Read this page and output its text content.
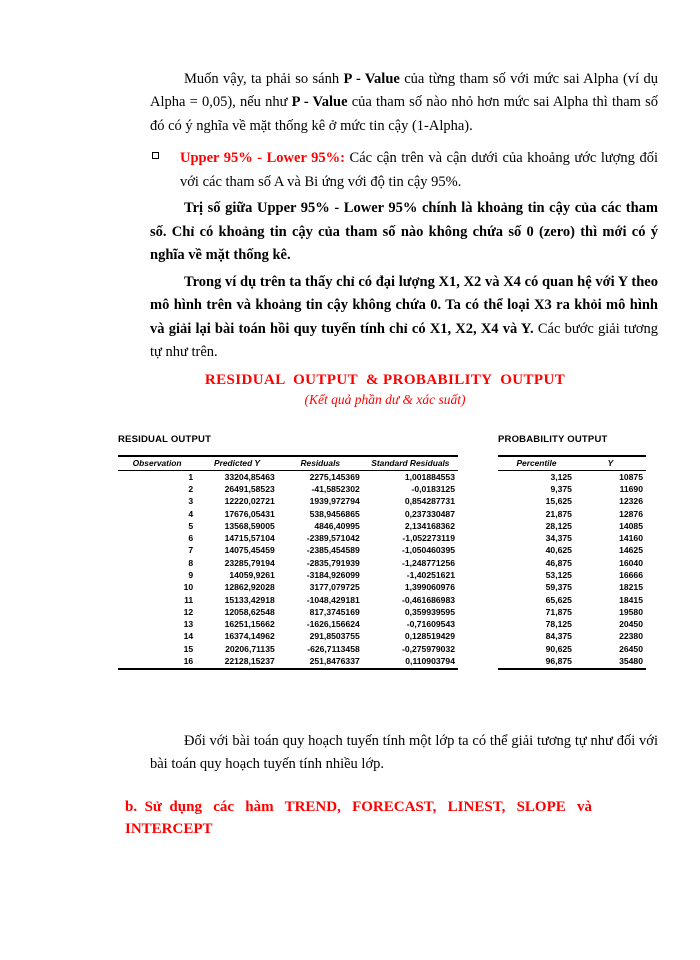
Muốn vậy, ta phải so sánh P - Value của từng tham số với mức sai Alpha (ví dụ Alpha = 0,05), nếu như P - Value của tham số nào nhỏ hơn mức sai Alpha thì tham số đó có ý nghĩa về mặt thống kê ở mức tin cậy (1-Alpha).

Upper 95% - Lower 95%: Các cận trên và cận dưới của khoảng ước lượng đối với các tham số A và Bi ứng với độ tin cậy 95%.

Trị số giữa Upper 95% - Lower 95% chính là khoảng tin cậy của các tham số. Chỉ có khoảng tin cậy của tham số nào không chứa số 0 (zero) thì mới có ý nghĩa về mặt thống kê.

Trong ví dụ trên ta thấy chỉ có đại lượng X1, X2 và X4 có quan hệ với Y theo mô hình trên và khoảng tin cậy không chứa 0. Ta có thể loại X3 ra khỏi mô hình và giải lại bài toán hồi quy tuyến tính chỉ có X1, X2, X4 và Y. Các bước giải tương tự như trên.

RESIDUAL  OUTPUT  & PROBABILITY  OUTPUT
(Kết quả phần dư & xác suất)
RESIDUAL OUTPUT
Observation	Predicted Y	Residuals	Standard Residuals
1	33204,85463	2275,145369	1,001884553
2	26491,58523	-41,5852302	-0,0183125
3	12220,02721	1939,972794	0,854287731
4	17676,05431	538,9456865	0,237330487
5	13568,59005	4846,40995	2,134168362
6	14715,57104	-2389,571042	-1,052273119
7	14075,45459	-2385,454589	-1,050460395
8	23285,79194	-2835,791939	-1,248771256
9	14059,9261	-3184,926099	-1,40251621
10	12862,92028	3177,079725	1,399060976
11	15133,42918	-1048,429181	-0,461686983
12	12058,62548	817,3745169	0,359939595
13	16251,15662	-1626,156624	-0,71609543
14	16374,14962	291,8503755	0,128519429
15	20206,71135	-626,7113458	-0,275979032
16	22128,15237	251,8476337	0,110903794
PROBABILITY OUTPUT
Percentile	Y
3,125	10875
9,375	11690
15,625	12326
21,875	12876
28,125	14085
34,375	14160
40,625	14625
46,875	16040
53,125	16666
59,375	18215
65,625	18415
71,875	19580
78,125	20450
84,375	22380
90,625	26450
96,875	35480

Đối với bài toán quy hoạch tuyến tính một lớp ta có thể giải tương tự như đối với bài toán quy hoạch tuyến tính nhiều lớp.

b.  Sử  dụng   các   hàm   TREND,   FORECAST,   LINEST,   SLOPE   và
INTERCEPT
